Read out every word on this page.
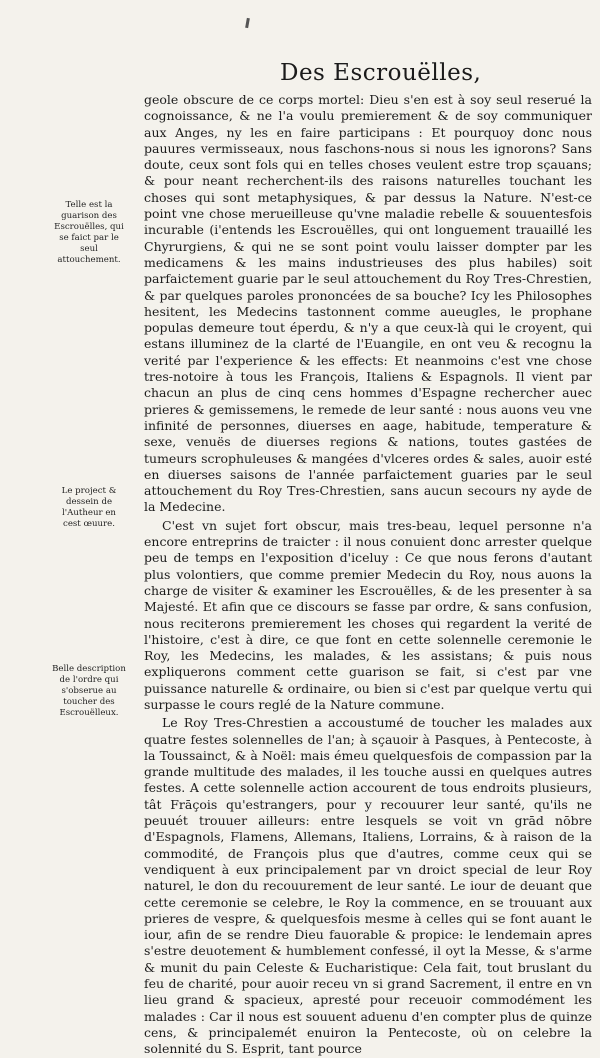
Des Escrouëlles,
Telle est la guarison des Escrouëlles, qui se faict par le seul attouchement.
Le project & dessein de l'Autheur en cest œuure.
Belle description de l'ordre qui s'obserue au toucher des Escrouëlleux.

geole obscure de ce corps mortel: Dieu s'en est à soy seul reserué la cognoissance, & ne l'a voulu premierement & de soy communiquer aux Anges, ny les en faire participans : Et pourquoy donc nous pauures vermisseaux, nous faschons-nous si nous les ignorons? Sans doute, ceux sont fols qui en telles choses veulent estre trop sçauans; & pour neant recherchent-ils des raisons naturelles touchant les choses qui sont metaphysiques, & par dessus la Nature. N'est-ce point vne chose merueilleuse qu'vne maladie rebelle & souuentesfois incurable (i'entends les Escrouëlles, qui ont longuement trauaillé les Chyrurgiens, & qui ne se sont point voulu laisser dompter par les medicamens & les mains industrieuses des plus habiles) soit parfaictement guarie par le seul attouchement du Roy Tres-Chrestien, & par quelques paroles prononcées de sa bouche? Icy les Philosophes hesitent, les Medecins tastonnent comme aueugles, le prophane populas demeure tout éperdu, & n'y a que ceux-là qui le croyent, qui estans illuminez de la clarté de l'Euangile, en ont veu & recognu la verité par l'experience & les effects: Et neanmoins c'est vne chose tres-notoire à tous les François, Italiens & Espagnols. Il vient par chacun an plus de cinq cens hommes d'Espagne rechercher auec prieres & gemissemens, le remede de leur santé : nous auons veu vne infinité de personnes, diuerses en aage, habitude, temperature & sexe, venuës de diuerses regions & nations, toutes gastées de tumeurs scrophuleuses & mangées d'vlceres ordes & sales, auoir esté en diuerses saisons de l'année parfaictement guaries par le seul attouchement du Roy Tres-Chrestien, sans aucun secours ny ayde de la Medecine.

C'est vn sujet fort obscur, mais tres-beau, lequel personne n'a encore entreprins de traicter : il nous conuient donc arrester quelque peu de temps en l'exposition d'iceluy : Ce que nous ferons d'autant plus volontiers, que comme premier Medecin du Roy, nous auons la charge de visiter & examiner les Escrouëlles, & de les presenter à sa Majesté. Et afin que ce discours se fasse par ordre, & sans confusion, nous reciterons premierement les choses qui regardent la verité de l'histoire, c'est à dire, ce que font en cette solennelle ceremonie le Roy, les Medecins, les malades, & les assistans; & puis nous expliquerons comment cette guarison se fait, si c'est par vne puissance naturelle & ordinaire, ou bien si c'est par quelque vertu qui surpasse le cours reglé de la Nature commune.

Le Roy Tres-Chrestien a accoustumé de toucher les malades aux quatre festes solennelles de l'an; à sçauoir à Pasques, à Pentecoste, à la Toussainct, & à Noël: mais émeu quelquesfois de compassion par la grande multitude des malades, il les touche aussi en quelques autres festes. A cette solennelle action accourent de tous endroits plusieurs, tât Frāçois qu'estrangers, pour y recouurer leur santé, qu'ils ne peuuét trouuer ailleurs: entre lesquels se voit vn grād nōbre d'Espagnols, Flamens, Allemans, Italiens, Lorrains, & à raison de la commodité, de François plus que d'autres, comme ceux qui se vendiquent à eux principalement par vn droict special de leur Roy naturel, le don du recouurement de leur santé. Le iour de deuant que cette ceremonie se celebre, le Roy la commence, en se trouuant aux prieres de vespre, & quelquesfois mesme à celles qui se font auant le iour, afin de se rendre Dieu fauorable & propice: le lendemain apres s'estre deuotement & humblement confessé, il oyt la Messe, & s'arme & munit du pain Celeste & Eucharistique: Cela fait, tout bruslant du feu de charité, pour auoir receu vn si grand Sacrement, il entre en vn lieu grand & spacieux, apresté pour receuoir commodément les malades : Car il nous est souuent aduenu d'en compter plus de quinze cens, & principalemét enuiron la Pentecoste, où on celebre la solennité du S. Esprit, tant pource
